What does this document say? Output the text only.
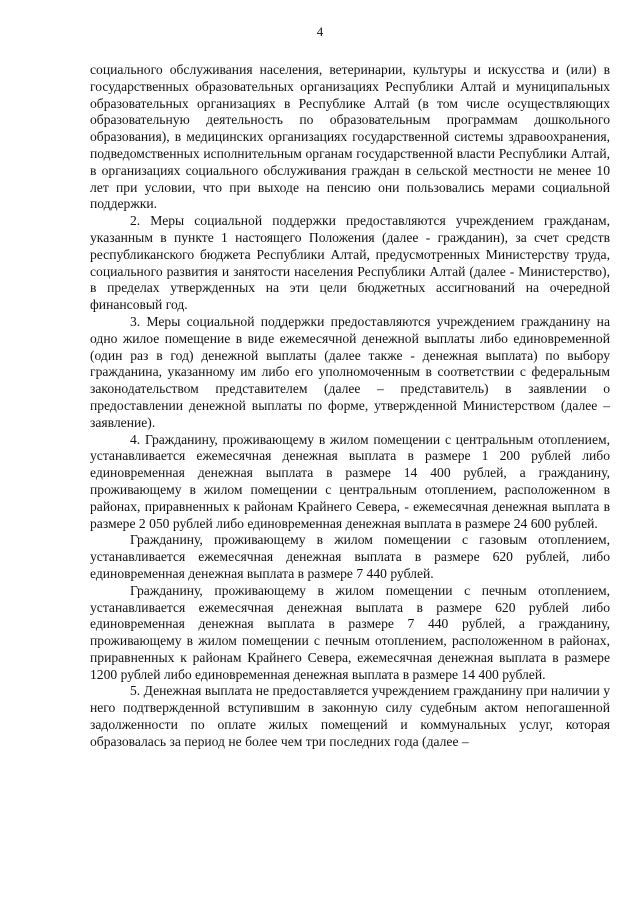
4

социального обслуживания населения, ветеринарии, культуры и искусства и (или) в государственных образовательных организациях Республики Алтай и муниципальных образовательных организациях в Республике Алтай (в том числе осуществляющих образовательную деятельность по образовательным программам дошкольного образования), в медицинских организациях государственной системы здравоохранения, подведомственных исполнительным органам государственной власти Республики Алтай, в организациях социального обслуживания граждан в сельской местности не менее 10 лет при условии, что при выходе на пенсию они пользовались мерами социальной поддержки.

2. Меры социальной поддержки предоставляются учреждением гражданам, указанным в пункте 1 настоящего Положения (далее - гражданин), за счет средств республиканского бюджета Республики Алтай, предусмотренных Министерству труда, социального развития и занятости населения Республики Алтай (далее - Министерство), в пределах утвержденных на эти цели бюджетных ассигнований на очередной финансовый год.

3. Меры социальной поддержки предоставляются учреждением гражданину на одно жилое помещение в виде ежемесячной денежной выплаты либо единовременной (один раз в год) денежной выплаты (далее также - денежная выплата) по выбору гражданина, указанному им либо его уполномоченным в соответствии с федеральным законодательством представителем (далее – представитель) в заявлении о предоставлении денежной выплаты по форме, утвержденной Министерством (далее – заявление).

4. Гражданину, проживающему в жилом помещении с центральным отоплением, устанавливается ежемесячная денежная выплата в размере 1 200 рублей либо единовременная денежная выплата в размере 14 400 рублей, а гражданину, проживающему в жилом помещении с центральным отоплением, расположенном в районах, приравненных к районам Крайнего Севера, - ежемесячная денежная выплата в размере 2 050 рублей либо единовременная денежная выплата в размере 24 600 рублей.

Гражданину, проживающему в жилом помещении с газовым отоплением, устанавливается ежемесячная денежная выплата в размере 620 рублей, либо единовременная денежная выплата в размере 7 440 рублей.

Гражданину, проживающему в жилом помещении с печным отоплением, устанавливается ежемесячная денежная выплата в размере 620 рублей либо единовременная денежная выплата в размере 7 440 рублей, а гражданину, проживающему в жилом помещении с печным отоплением, расположенном в районах, приравненных к районам Крайнего Севера, ежемесячная денежная выплата в размере 1200 рублей либо единовременная денежная выплата в размере 14 400 рублей.

5. Денежная выплата не предоставляется учреждением гражданину при наличии у него подтвержденной вступившим в законную силу судебным актом непогашенной задолженности по оплате жилых помещений и коммунальных услуг, которая образовалась за период не более чем три последних года (далее –
